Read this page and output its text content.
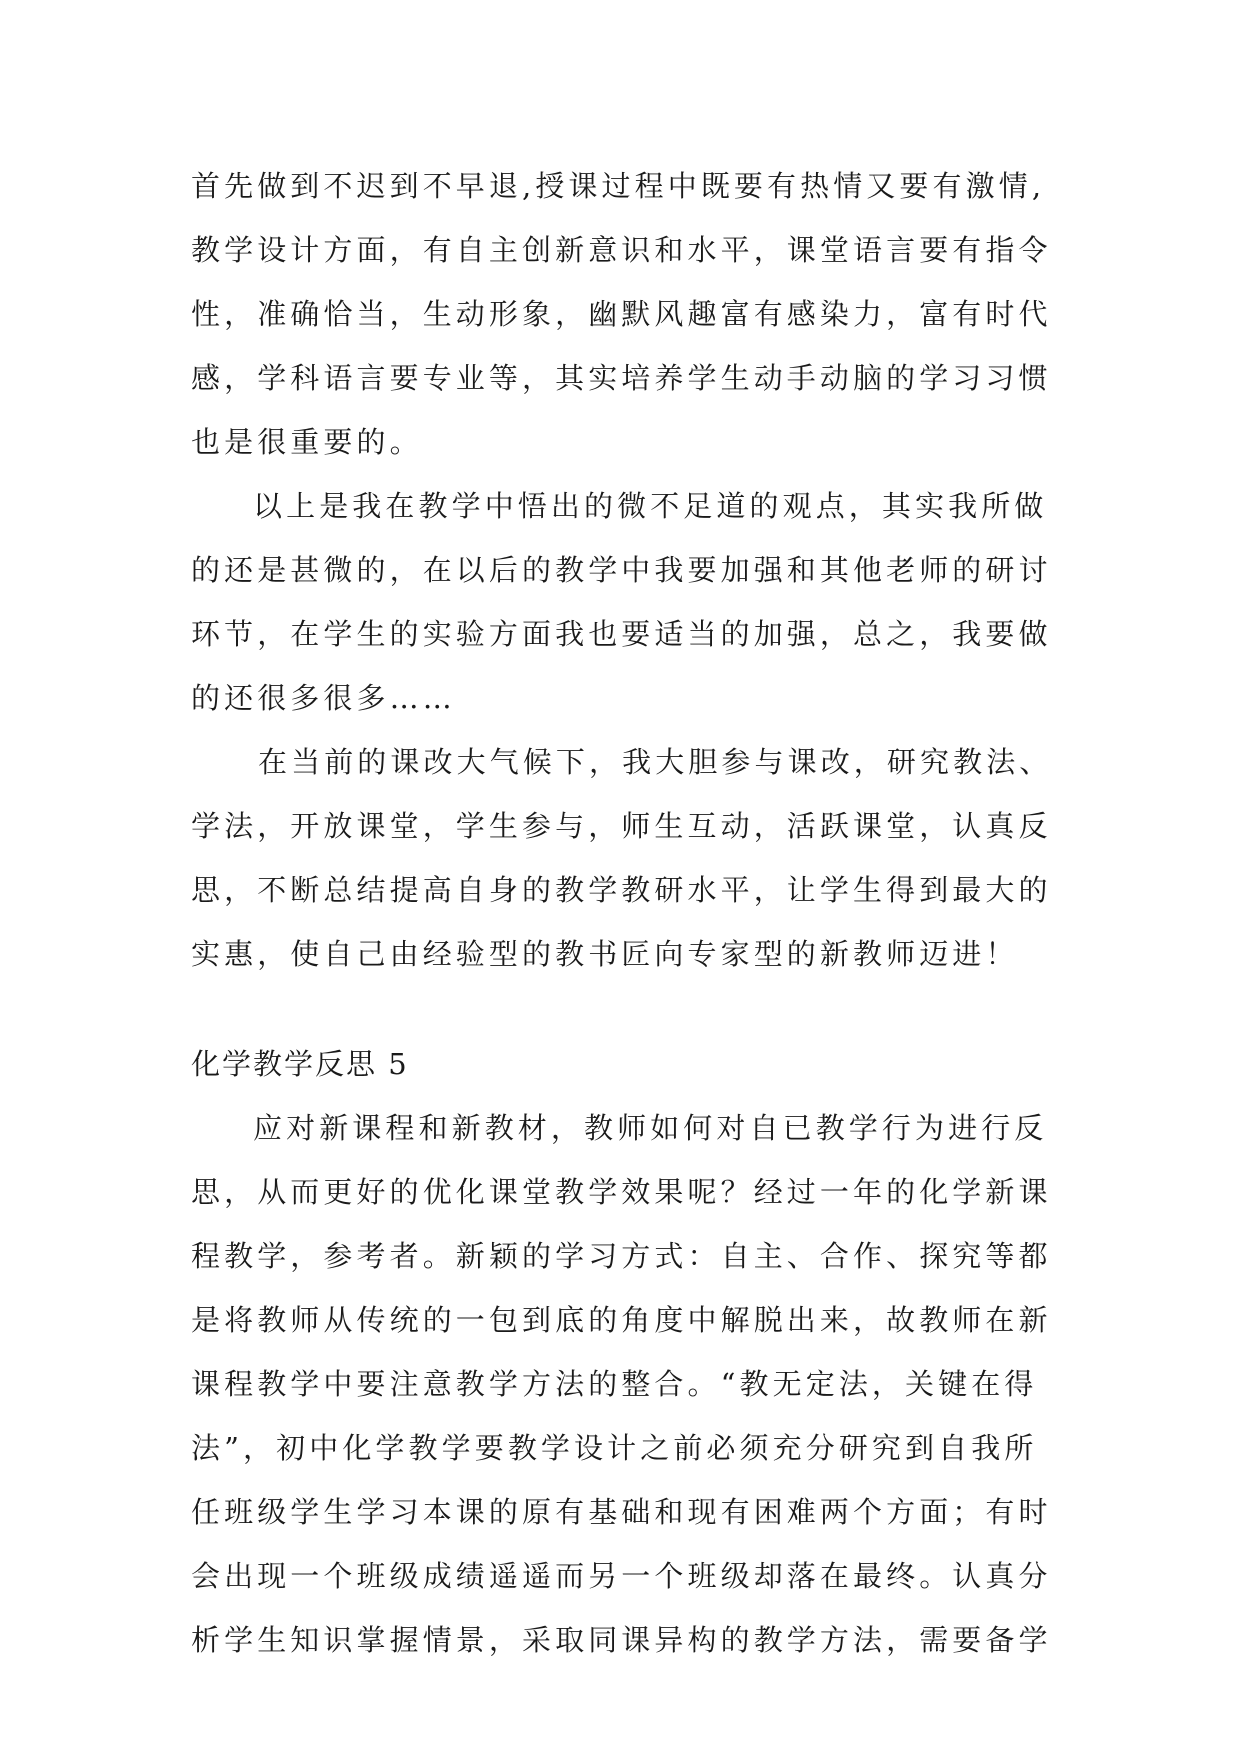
首先做到不迟到不早退,授课过程中既要有热情又要有激情,
教学设计方面，有自主创新意识和水平，课堂语言要有指令
性，准确恰当，生动形象，幽默风趣富有感染力，富有时代
感，学科语言要专业等，其实培养学生动手动脑的学习习惯
也是很重要的。
以上是我在教学中悟出的微不足道的观点，其实我所做
的还是甚微的，在以后的教学中我要加强和其他老师的研讨
环节，在学生的实验方面我也要适当的加强，总之，我要做
的还很多很多……
在当前的课改大气候下，我大胆参与课改，研究教法、
学法，开放课堂，学生参与，师生互动，活跃课堂，认真反
思，不断总结提高自身的教学教研水平，让学生得到最大的
实惠，使自己由经验型的教书匠向专家型的新教师迈进！
化学教学反思 5
应对新课程和新教材，教师如何对自已教学行为进行反
思，从而更好的优化课堂教学效果呢？经过一年的化学新课
程教学，参考者。新颖的学习方式：自主、合作、探究等都
是将教师从传统的一包到底的角度中解脱出来，故教师在新
课程教学中要注意教学方法的整合。“教无定法，关键在得
法”，初中化学教学要教学设计之前必须充分研究到自我所
任班级学生学习本课的原有基础和现有困难两个方面；有时
会出现一个班级成绩遥遥而另一个班级却落在最终。认真分
析学生知识掌握情景，采取同课异构的教学方法，需要备学
